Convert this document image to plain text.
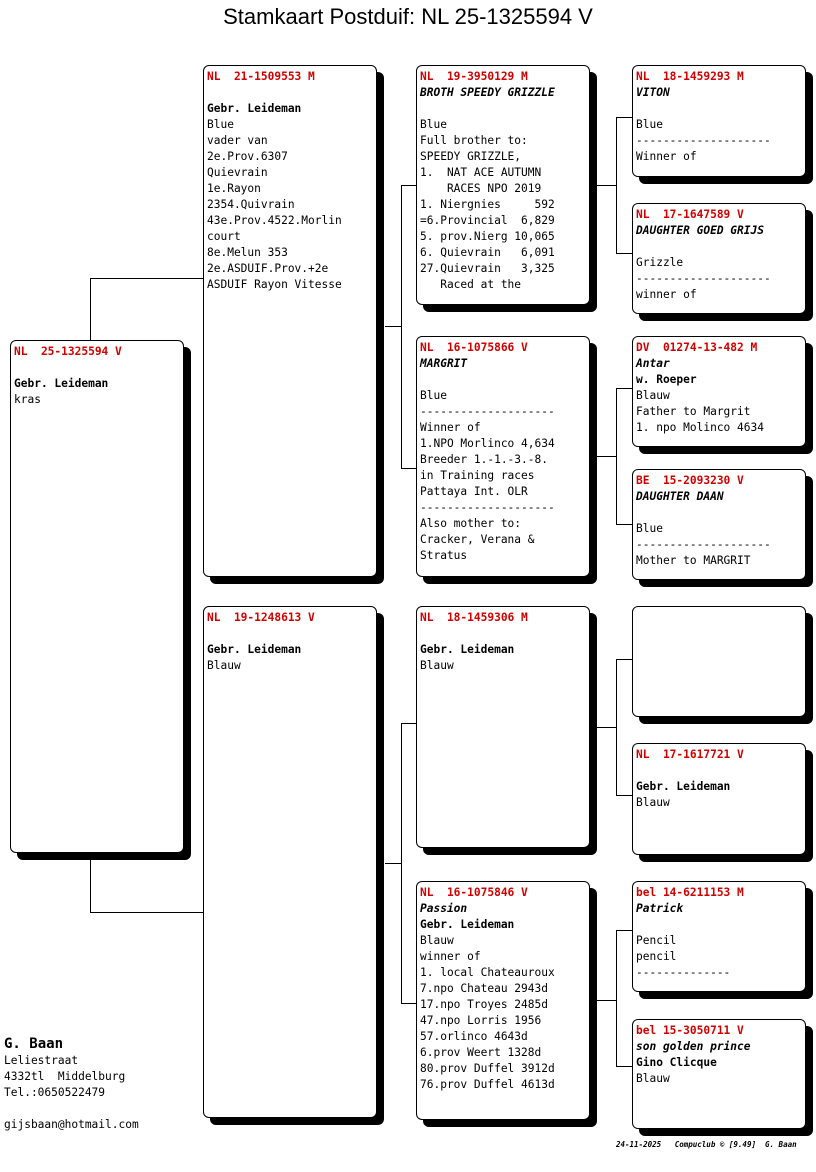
Stamkaart Postduif: NL 25-1325594 V
NL  25-1325594 V
Gebr. Leideman
kras
NL  21-1509553 M
Gebr. Leideman
Blue
vader van
2e.Prov.6307
Quievrain
1e.Rayon
2354.Quivrain
43e.Prov.4522.Morlin
court
8e.Melun 353
2e.ASDUIF.Prov.+2e
ASDUIF Rayon Vitesse
NL  19-1248613 V
Gebr. Leideman
Blauw
NL  19-3950129 M
BROTH SPEEDY GRIZZLE
Blue
Full brother to:
SPEEDY GRIZZLE,
1.  NAT ACE AUTUMN
RACES NPO 2019
1. Niergnies     592
=6.Provincial  6,829
5. prov.Nierg 10,065
6. Quievrain   6,091
27.Quievrain   3,325
Raced at the
NL  16-1075866 V
MARGRIT
Blue
--------------------
Winner of
1.NPO Morlinco 4,634
Breeder 1.-1.-3.-8.
in Training races
Pattaya Int. OLR
--------------------
Also mother to:
Cracker, Verana &
Stratus
NL  18-1459306 M
Gebr. Leideman
Blauw
NL  16-1075846 V
Passion
Gebr. Leideman
Blauw
winner of
1. local Chateauroux
7.npo Chateau 2943d
17.npo Troyes 2485d
47.npo Lorris 1956
57.orlinco 4643d
6.prov Weert 1328d
80.prov Duffel 3912d
76.prov Duffel 4613d
NL  18-1459293 M
VITON
Blue
--------------------
Winner of
NL  17-1647589 V
DAUGHTER GOED GRIJS
Grizzle
--------------------
winner of
DV  01274-13-482 M
Antar
w. Roeper
Blauw
Father to Margrit
1. npo Molinco 4634
BE  15-2093230 V
DAUGHTER DAAN
Blue
--------------------
Mother to MARGRIT
NL  17-1617721 V
Gebr. Leideman
Blauw
bel 14-6211153 M
Patrick
Pencil
pencil
--------------
bel 15-3050711 V
son golden prince
Gino Clicque
Blauw
G. Baan
Leliestraat
4332tl  Middelburg
Tel.:0650522479

gijsbaan@hotmail.com
24-11-2025   Compuclub © [9.49]  G. Baan
